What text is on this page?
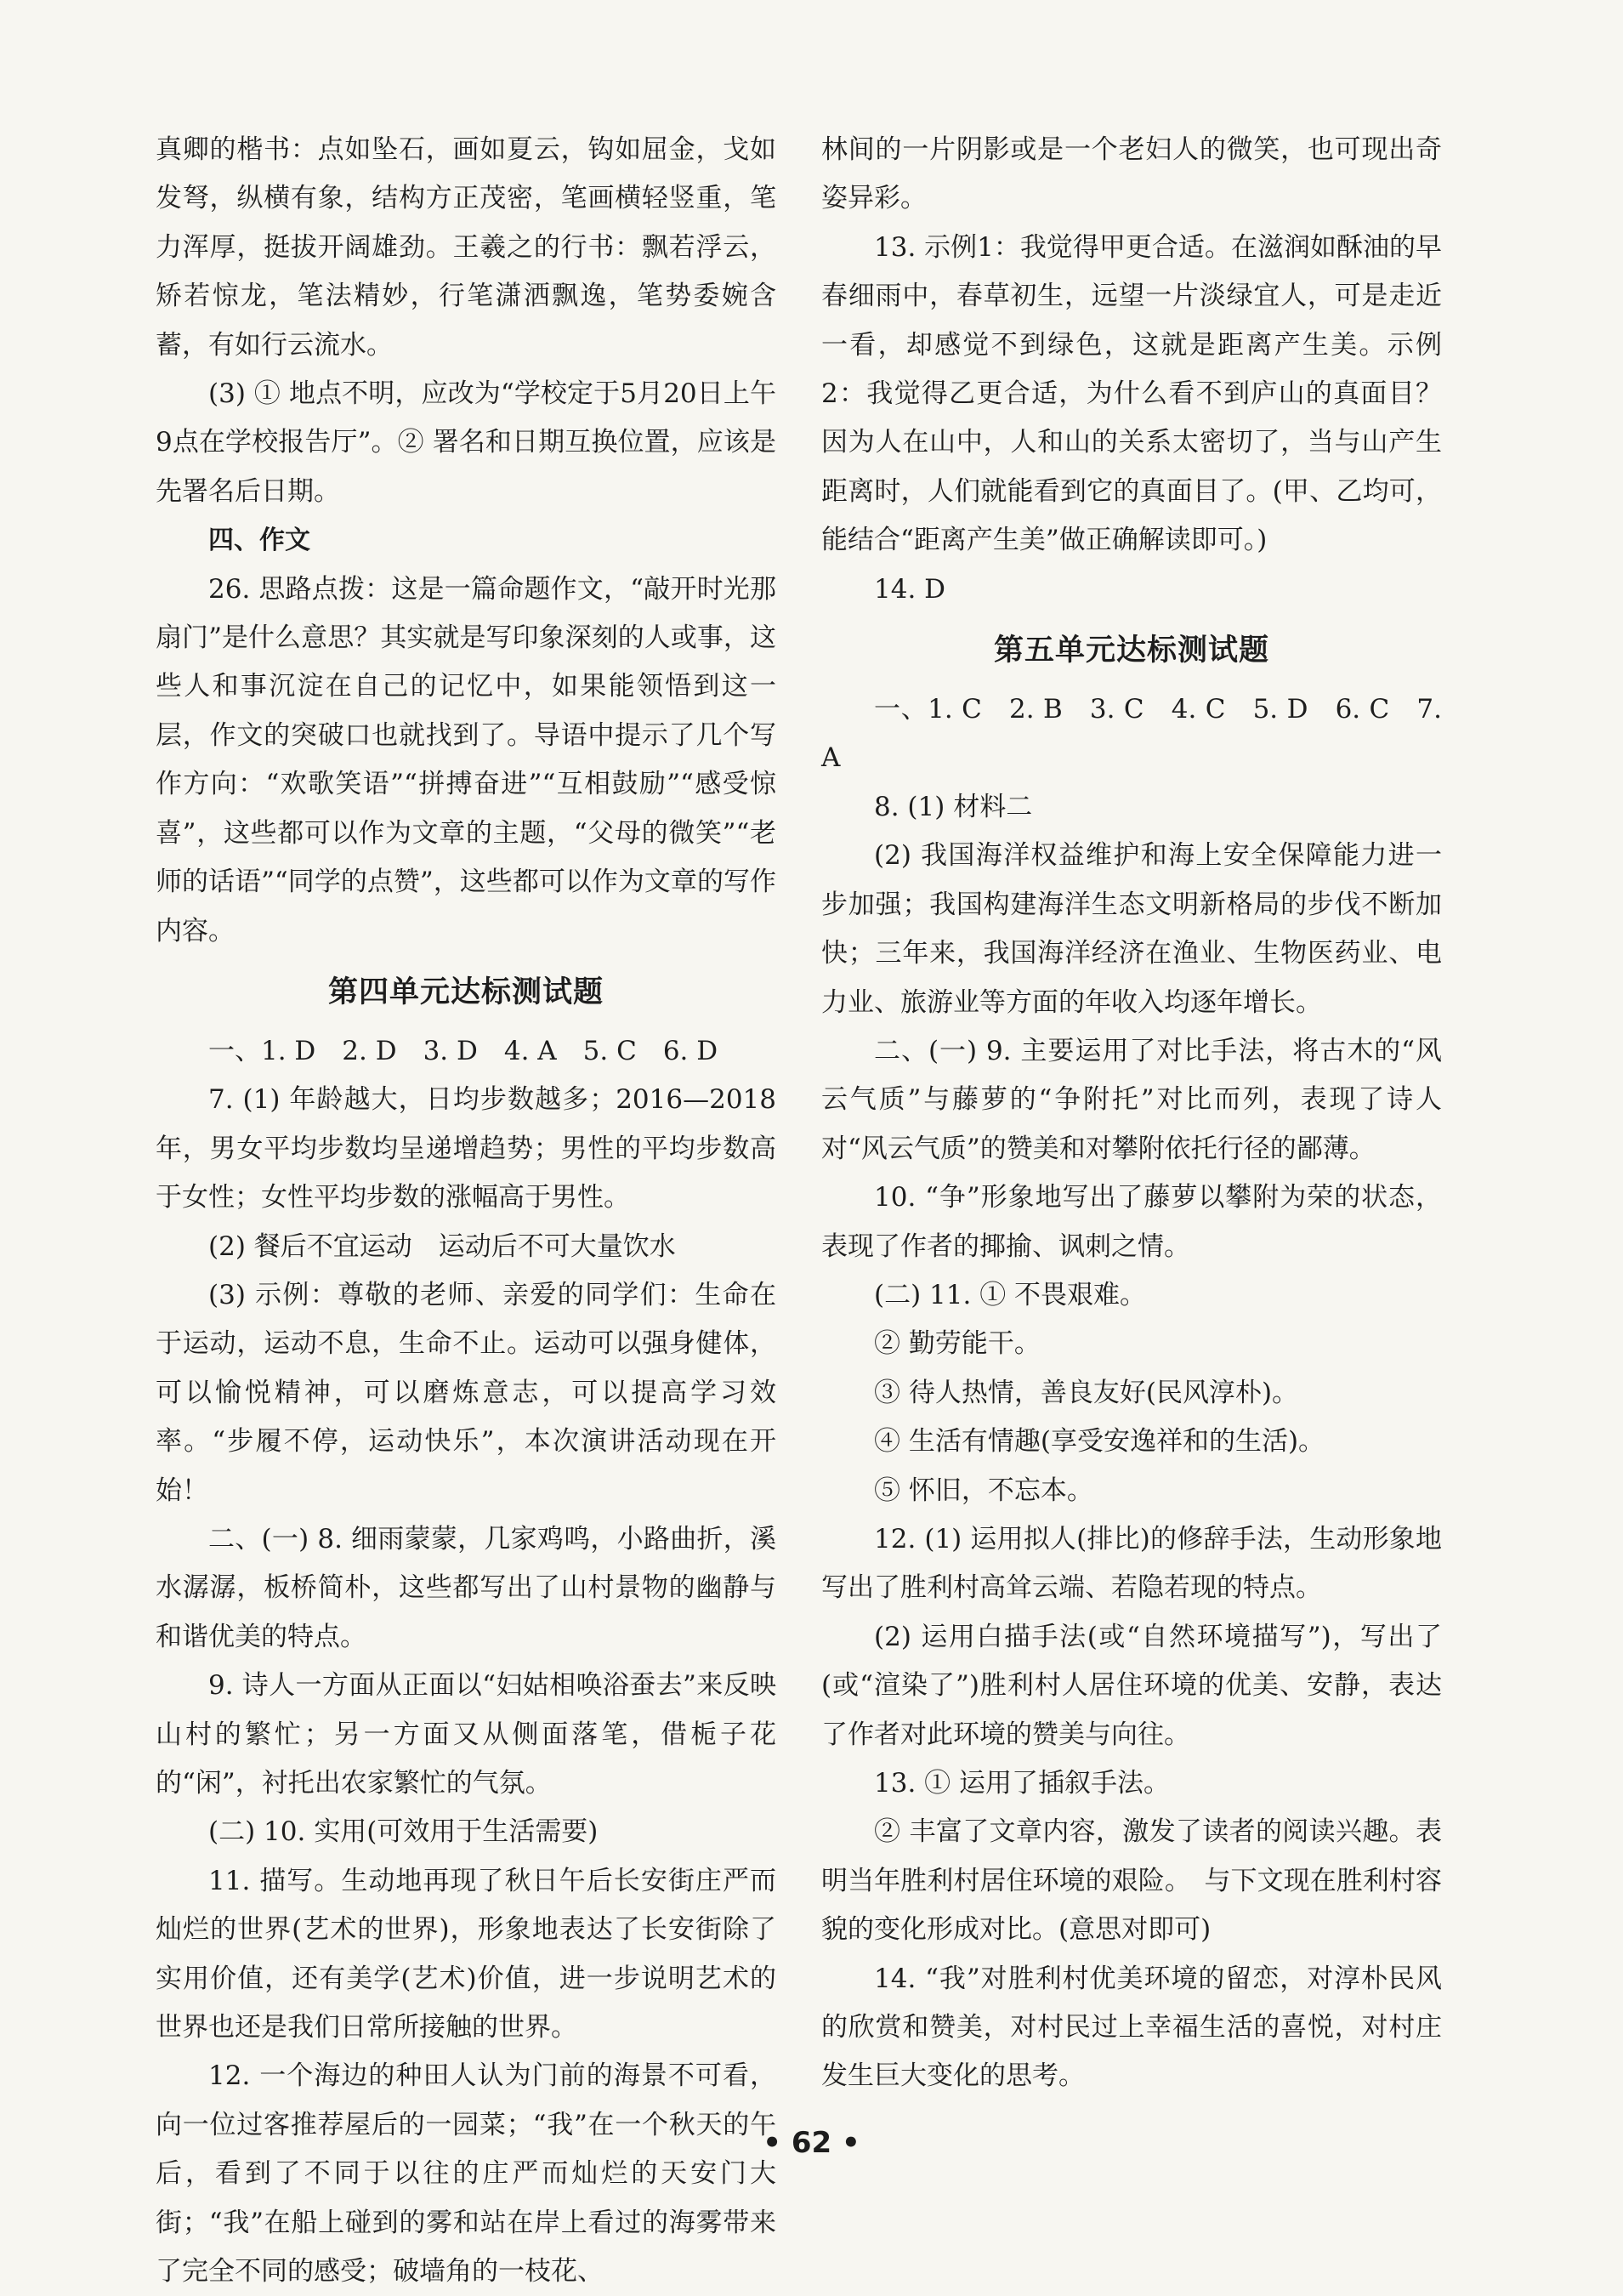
真卿的楷书：点如坠石，画如夏云，钩如屈金，戈如发弩，纵横有象，结构方正茂密，笔画横轻竖重，笔力浑厚，挺拔开阔雄劲。王羲之的行书：飘若浮云，矫若惊龙，笔法精妙，行笔潇洒飘逸，笔势委婉含蓄，有如行云流水。

(3) ① 地点不明，应改为“学校定于5月20日上午9点在学校报告厅”。② 署名和日期互换位置，应该是先署名后日期。

四、作文

26. 思路点拨：这是一篇命题作文，“敲开时光那扇门”是什么意思？其实就是写印象深刻的人或事，这些人和事沉淀在自己的记忆中，如果能领悟到这一层，作文的突破口也就找到了。导语中提示了几个写作方向：“欢歌笑语”“拼搏奋进”“互相鼓励”“感受惊喜”，这些都可以作为文章的主题，“父母的微笑”“老师的话语”“同学的点赞”，这些都可以作为文章的写作内容。

第四单元达标测试题

一、1. D　2. D　3. D　4. A　5. C　6. D

7. (1) 年龄越大，日均步数越多；2016—2018年，男女平均步数均呈递增趋势；男性的平均步数高于女性；女性平均步数的涨幅高于男性。

(2) 餐后不宜运动　运动后不可大量饮水

(3) 示例：尊敬的老师、亲爱的同学们：生命在于运动，运动不息，生命不止。运动可以强身健体，可以愉悦精神，可以磨炼意志，可以提高学习效率。“步履不停，运动快乐”，本次演讲活动现在开始！

二、(一) 8. 细雨蒙蒙，几家鸡鸣，小路曲折，溪水潺潺，板桥简朴，这些都写出了山村景物的幽静与和谐优美的特点。

9. 诗人一方面从正面以“妇姑相唤浴蚕去”来反映山村的繁忙；另一方面又从侧面落笔，借栀子花的“闲”，衬托出农家繁忙的气氛。

(二) 10. 实用(可效用于生活需要)

11. 描写。生动地再现了秋日午后长安街庄严而灿烂的世界(艺术的世界)，形象地表达了长安街除了实用价值，还有美学(艺术)价值，进一步说明艺术的世界也还是我们日常所接触的世界。

12. 一个海边的种田人认为门前的海景不可看，向一位过客推荐屋后的一园菜；“我”在一个秋天的午后，看到了不同于以往的庄严而灿烂的天安门大街；“我”在船上碰到的雾和站在岸上看过的海雾带来了完全不同的感受；破墙角的一枝花、

林间的一片阴影或是一个老妇人的微笑，也可现出奇姿异彩。

13. 示例1：我觉得甲更合适。在滋润如酥油的早春细雨中，春草初生，远望一片淡绿宜人，可是走近一看，却感觉不到绿色，这就是距离产生美。示例2：我觉得乙更合适，为什么看不到庐山的真面目？因为人在山中，人和山的关系太密切了，当与山产生距离时，人们就能看到它的真面目了。(甲、乙均可，能结合“距离产生美”做正确解读即可。)

14. D

第五单元达标测试题

一、1. C　2. B　3. C　4. C　5. D　6. C　7. A

8. (1) 材料二

(2) 我国海洋权益维护和海上安全保障能力进一步加强；我国构建海洋生态文明新格局的步伐不断加快；三年来，我国海洋经济在渔业、生物医药业、电力业、旅游业等方面的年收入均逐年增长。

二、(一) 9. 主要运用了对比手法，将古木的“风云气质”与藤萝的“争附托”对比而列，表现了诗人对“风云气质”的赞美和对攀附依托行径的鄙薄。

10. “争”形象地写出了藤萝以攀附为荣的状态，表现了作者的揶揄、讽刺之情。

(二) 11. ① 不畏艰难。

② 勤劳能干。

③ 待人热情，善良友好(民风淳朴)。

④ 生活有情趣(享受安逸祥和的生活)。

⑤ 怀旧，不忘本。

12. (1) 运用拟人(排比)的修辞手法，生动形象地写出了胜利村高耸云端、若隐若现的特点。

(2) 运用白描手法(或“自然环境描写”)，写出了(或“渲染了”)胜利村人居住环境的优美、安静，表达了作者对此环境的赞美与向往。

13. ① 运用了插叙手法。

② 丰富了文章内容，激发了读者的阅读兴趣。表明当年胜利村居住环境的艰险。　与下文现在胜利村容貌的变化形成对比。(意思对即可)

14. “我”对胜利村优美环境的留恋，对淳朴民风的欣赏和赞美，对村民过上幸福生活的喜悦，对村庄发生巨大变化的思考。

• 62 •
